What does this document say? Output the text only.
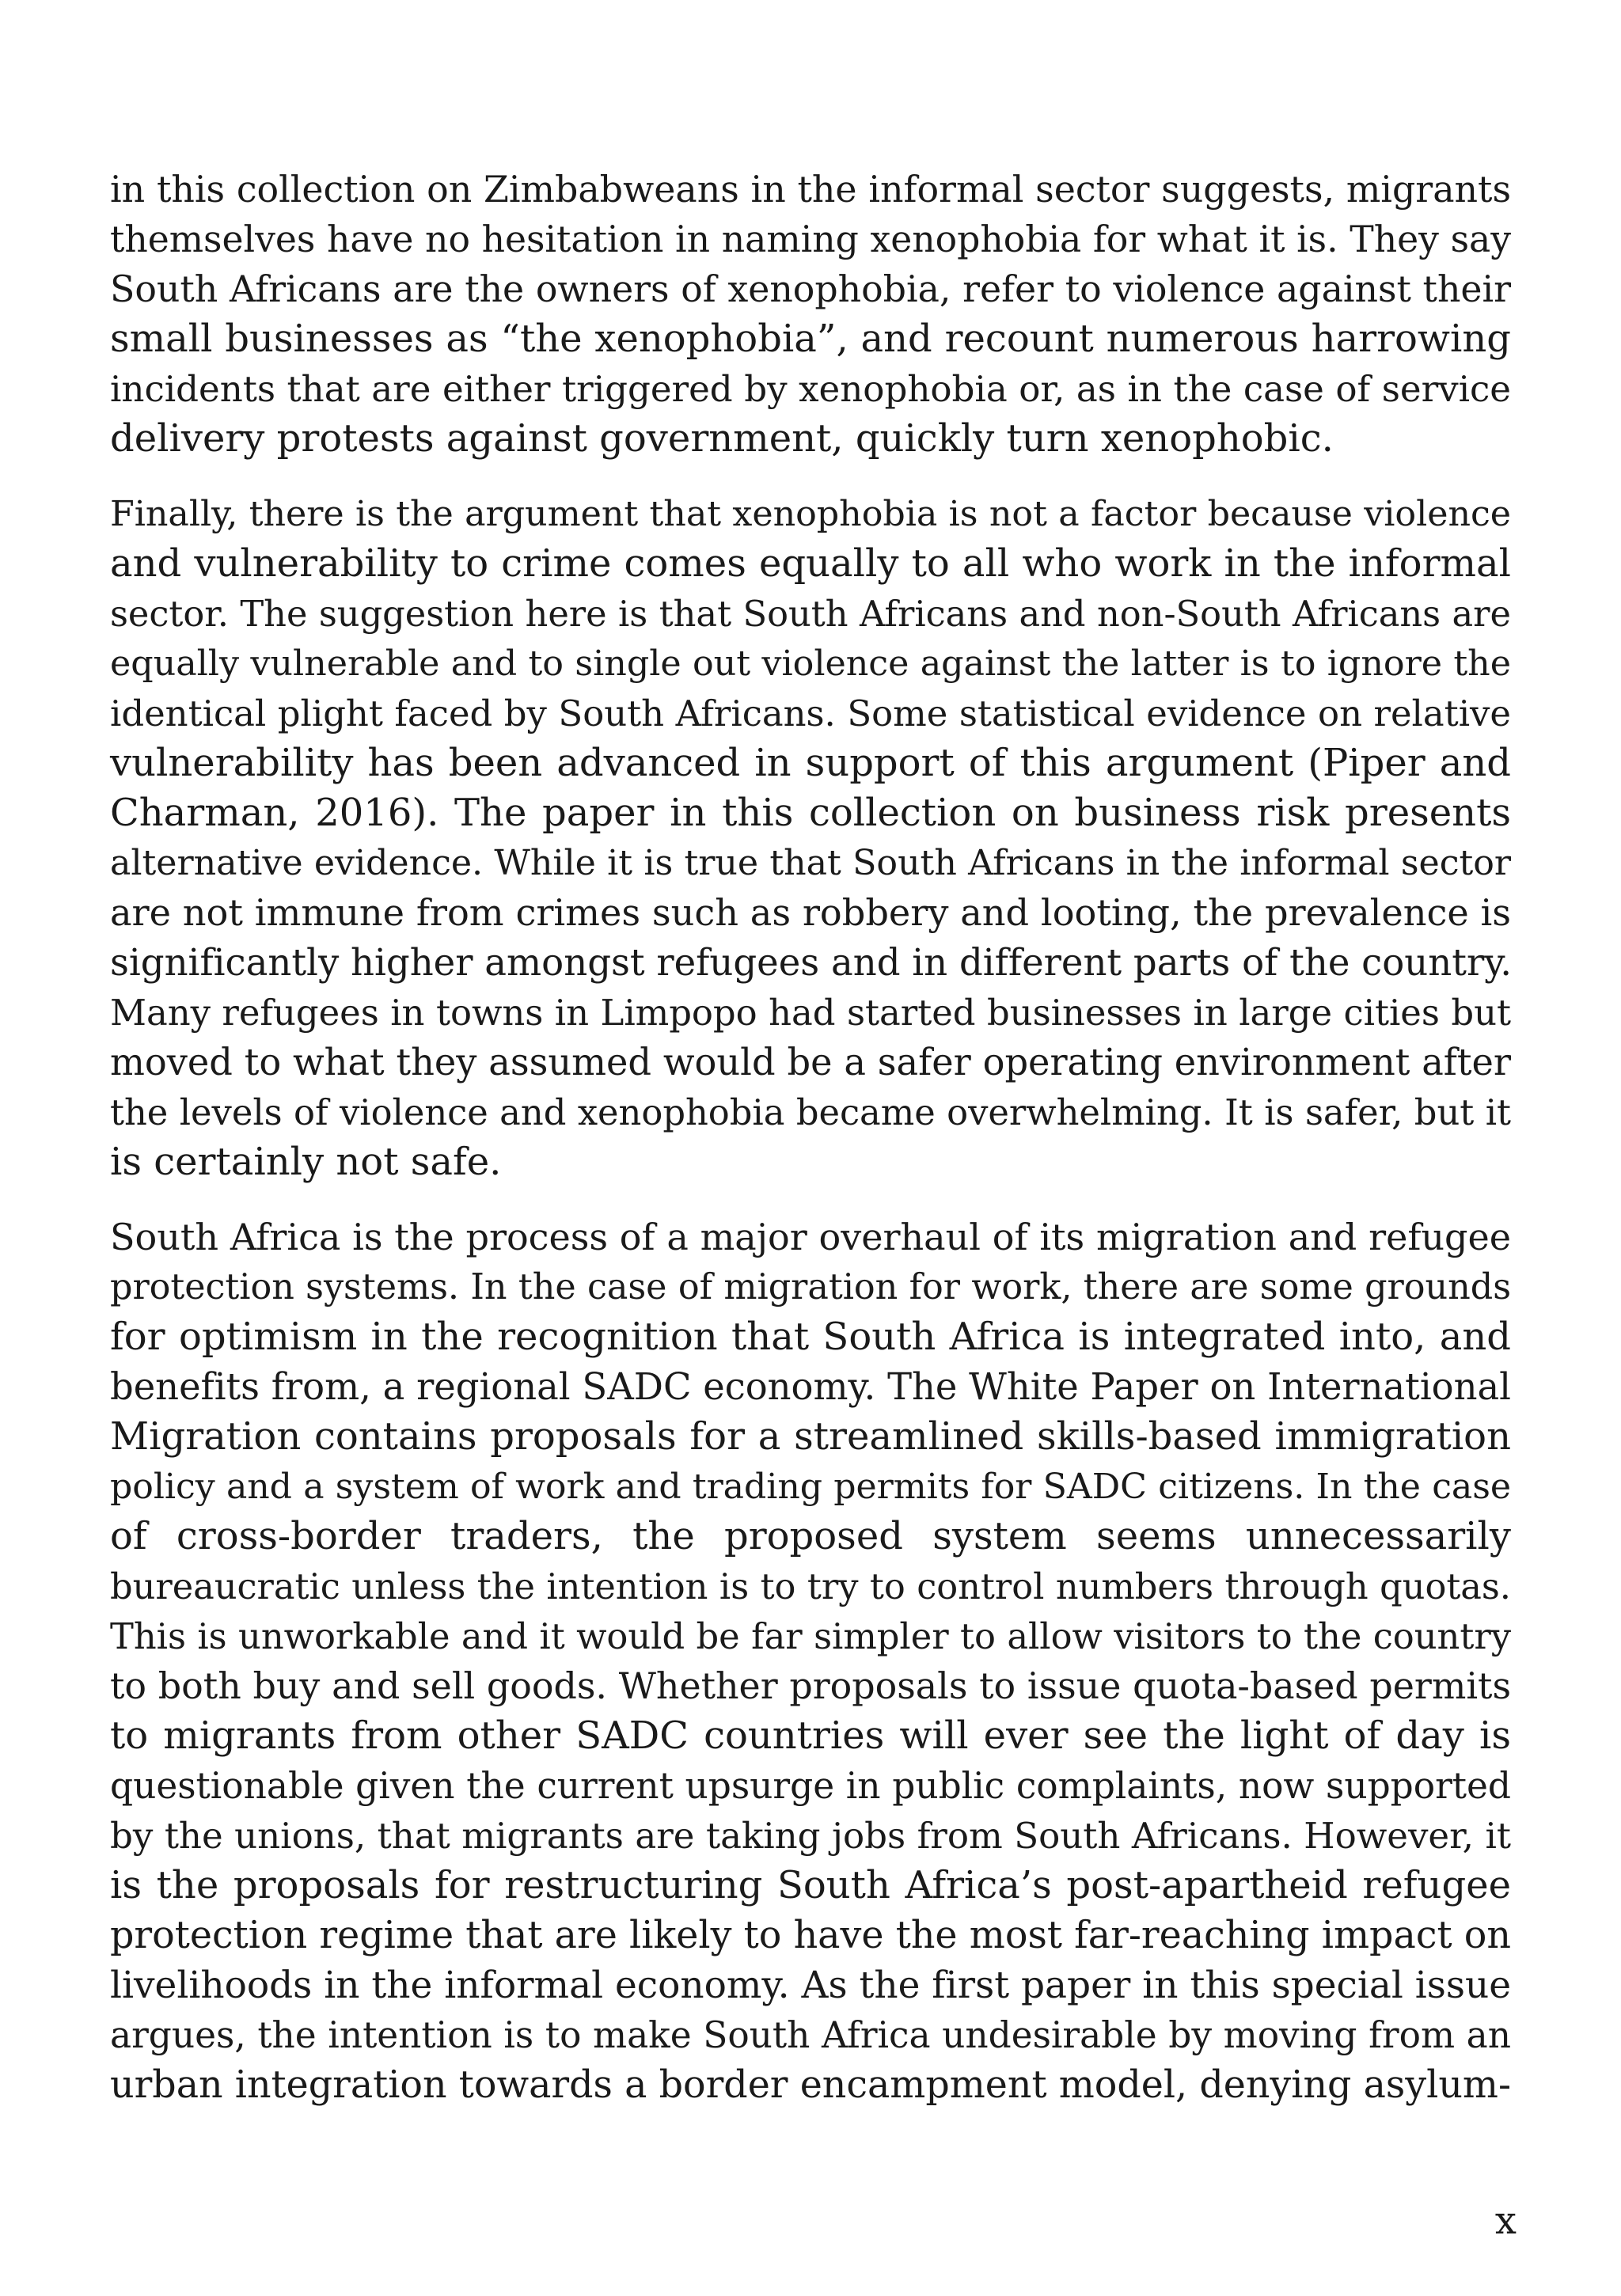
in this collection on Zimbabweans in the informal sector suggests, migrants
themselves have no hesitation in naming xenophobia for what it is. They say
South Africans are the owners of xenophobia, refer to violence against their
small businesses as “the xenophobia”, and recount numerous harrowing
incidents that are either triggered by xenophobia or, as in the case of service
delivery protests against government, quickly turn xenophobic.

Finally, there is the argument that xenophobia is not a factor because violence
and vulnerability to crime comes equally to all who work in the informal
sector. The suggestion here is that South Africans and non-South Africans are
equally vulnerable and to single out violence against the latter is to ignore the
identical plight faced by South Africans. Some statistical evidence on relative
vulnerability has been advanced in support of this argument (Piper and
Charman, 2016). The paper in this collection on business risk presents
alternative evidence. While it is true that South Africans in the informal sector
are not immune from crimes such as robbery and looting, the prevalence is
significantly higher amongst refugees and in different parts of the country.
Many refugees in towns in Limpopo had started businesses in large cities but
moved to what they assumed would be a safer operating environment after
the levels of violence and xenophobia became overwhelming. It is safer, but it
is certainly not safe.

South Africa is the process of a major overhaul of its migration and refugee
protection systems. In the case of migration for work, there are some grounds
for optimism in the recognition that South Africa is integrated into, and
benefits from, a regional SADC economy. The White Paper on International
Migration contains proposals for a streamlined skills-based immigration
policy and a system of work and trading permits for SADC citizens. In the case
of cross-border traders, the proposed system seems unnecessarily
bureaucratic unless the intention is to try to control numbers through quotas.
This is unworkable and it would be far simpler to allow visitors to the country
to both buy and sell goods. Whether proposals to issue quota-based permits
to migrants from other SADC countries will ever see the light of day is
questionable given the current upsurge in public complaints, now supported
by the unions, that migrants are taking jobs from South Africans. However, it
is the proposals for restructuring South Africa’s post-apartheid refugee
protection regime that are likely to have the most far-reaching impact on
livelihoods in the informal economy. As the first paper in this special issue
argues, the intention is to make South Africa undesirable by moving from an
urban integration towards a border encampment model, denying asylum-

x
